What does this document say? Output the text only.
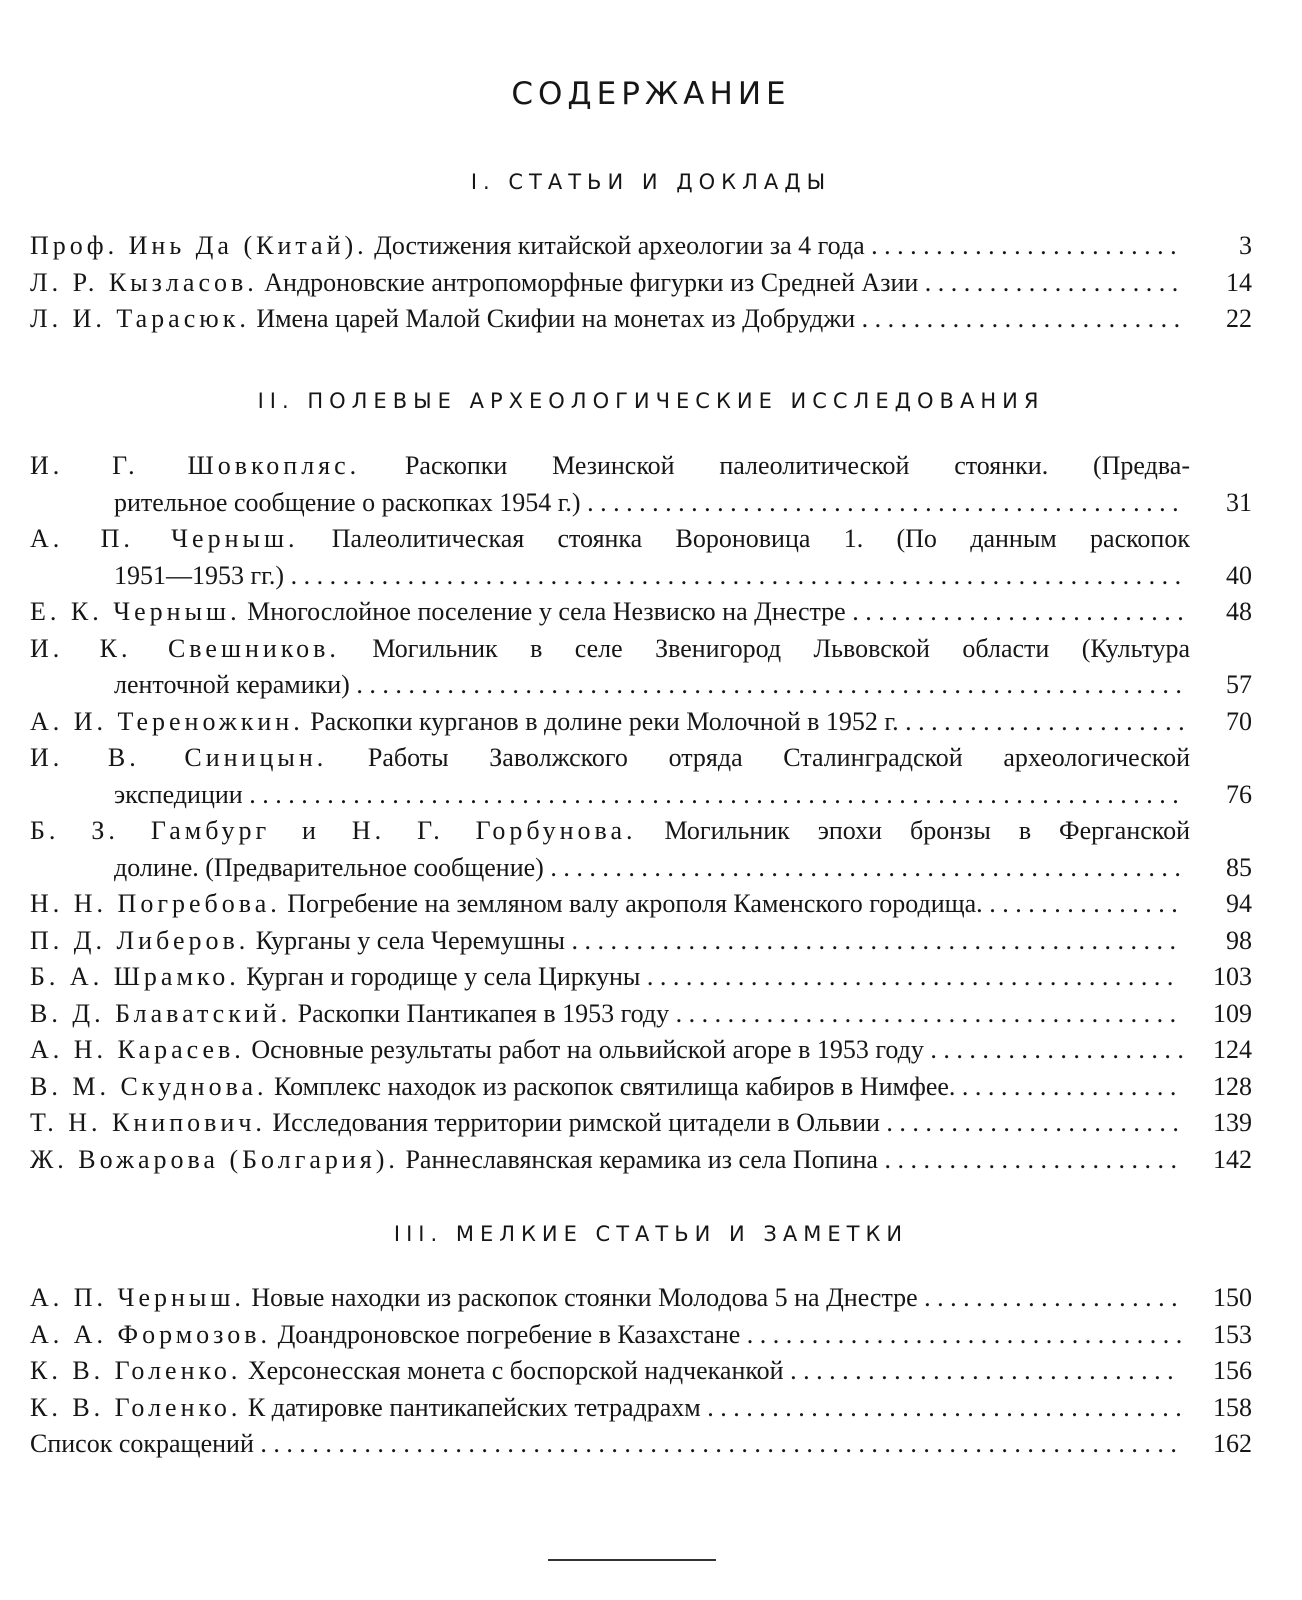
СОДЕРЖАНИЕ
I. СТАТЬИ И ДОКЛАДЫ
Проф. Инь Да (Китай). Достижения китайской археологии за 4 года . . . . . . . . . . . . . . . . . . . . . . . .	3
Л. Р. Кызласов. Андроновские антропоморфные фигурки из Средней Азии . . . . . . . . . . . . . . . . . . . .	14
Л. И. Тарасюк. Имена царей Малой Скифии на монетах из Добруджи . . . . . . . . . . . . . . . . . . . . . . . . .	22
II. ПОЛЕВЫЕ АРХЕОЛОГИЧЕСКИЕ ИССЛЕДОВАНИЯ
И. Г. Шовкопляс. Раскопки Мезинской палеолитической стоянки. (Предва-
рительное сообщение о раскопках 1954 г.) . . . . . . . . . . . . . . . . . . . . . . . . . . . . . . . . . . . . . . . . . . . . . .	31
А. П. Черныш. Палеолитическая стоянка Вороновица 1. (По данным раскопок
1951—1953 гг.) . . . . . . . . . . . . . . . . . . . . . . . . . . . . . . . . . . . . . . . . . . . . . . . . . . . . . . . . . . . . . . . . . . . . .	40
Е. К. Черныш. Многослойное поселение у села Незвиско на Днестре . . . . . . . . . . . . . . . . . . . . . . . . . .	48
И. К. Свешников. Могильник в селе Звенигород Львовской области (Культура
ленточной керамики) . . . . . . . . . . . . . . . . . . . . . . . . . . . . . . . . . . . . . . . . . . . . . . . . . . . . . . . . . . . . . . . .	57
А. И. Тереножкин. Раскопки курганов в долине реки Молочной в 1952 г. . . . . . . . . . . . . . . . . . . . . . .	70
И. В. Синицын. Работы Заволжского отряда Сталинградской археологической
экспедиции . . . . . . . . . . . . . . . . . . . . . . . . . . . . . . . . . . . . . . . . . . . . . . . . . . . . . . . . . . . . . . . . . . . . . . . .	76
Б. З. Гамбург и Н. Г. Горбунова. Могильник эпохи бронзы в Ферганской
долине. (Предварительное сообщение) . . . . . . . . . . . . . . . . . . . . . . . . . . . . . . . . . . . . . . . . . . . . . . . . .	85
Н. Н. Погребова. Погребение на земляном валу акрополя Каменского городища. . . . . . . . . . . . . . . .	94
П. Д. Либеров. Курганы у села Черемушны . . . . . . . . . . . . . . . . . . . . . . . . . . . . . . . . . . . . . . . . . . . . . . .	98
Б. А. Шрамко. Курган и городище у села Циркуны . . . . . . . . . . . . . . . . . . . . . . . . . . . . . . . . . . . . . . . . .	103
В. Д. Блаватский. Раскопки Пантикапея в 1953 году . . . . . . . . . . . . . . . . . . . . . . . . . . . . . . . . . . . . . . .	109
А. Н. Карасев. Основные результаты работ на ольвийской агоре в 1953 году . . . . . . . . . . . . . . . . . . . .	124
В. М. Скуднова. Комплекс находок из раскопок святилища кабиров в Нимфее. . . . . . . . . . . . . . . . . .	128
Т. Н. Книпович. Исследования территории римской цитадели в Ольвии . . . . . . . . . . . . . . . . . . . . . . .	139
Ж. Вожарова (Болгария). Раннеславянская керамика из села Попина . . . . . . . . . . . . . . . . . . . . . . .	142
III. МЕЛКИЕ СТАТЬИ И ЗАМЕТКИ
А. П. Черныш. Новые находки из раскопок стоянки Молодова 5 на Днестре . . . . . . . . . . . . . . . . . . . .	150
А. А. Формозов. Доандроновское погребение в Казахстане . . . . . . . . . . . . . . . . . . . . . . . . . . . . . . . . . .	153
К. В. Голенко. Херсонесская монета с боспорской надчеканкой . . . . . . . . . . . . . . . . . . . . . . . . . . . . . .	156
К. В. Голенко. К датировке пантикапейских тетрадрахм . . . . . . . . . . . . . . . . . . . . . . . . . . . . . . . . . . . . .	158
Список сокращений . . . . . . . . . . . . . . . . . . . . . . . . . . . . . . . . . . . . . . . . . . . . . . . . . . . . . . . . . . . . . . . . . . . . . . .	162
